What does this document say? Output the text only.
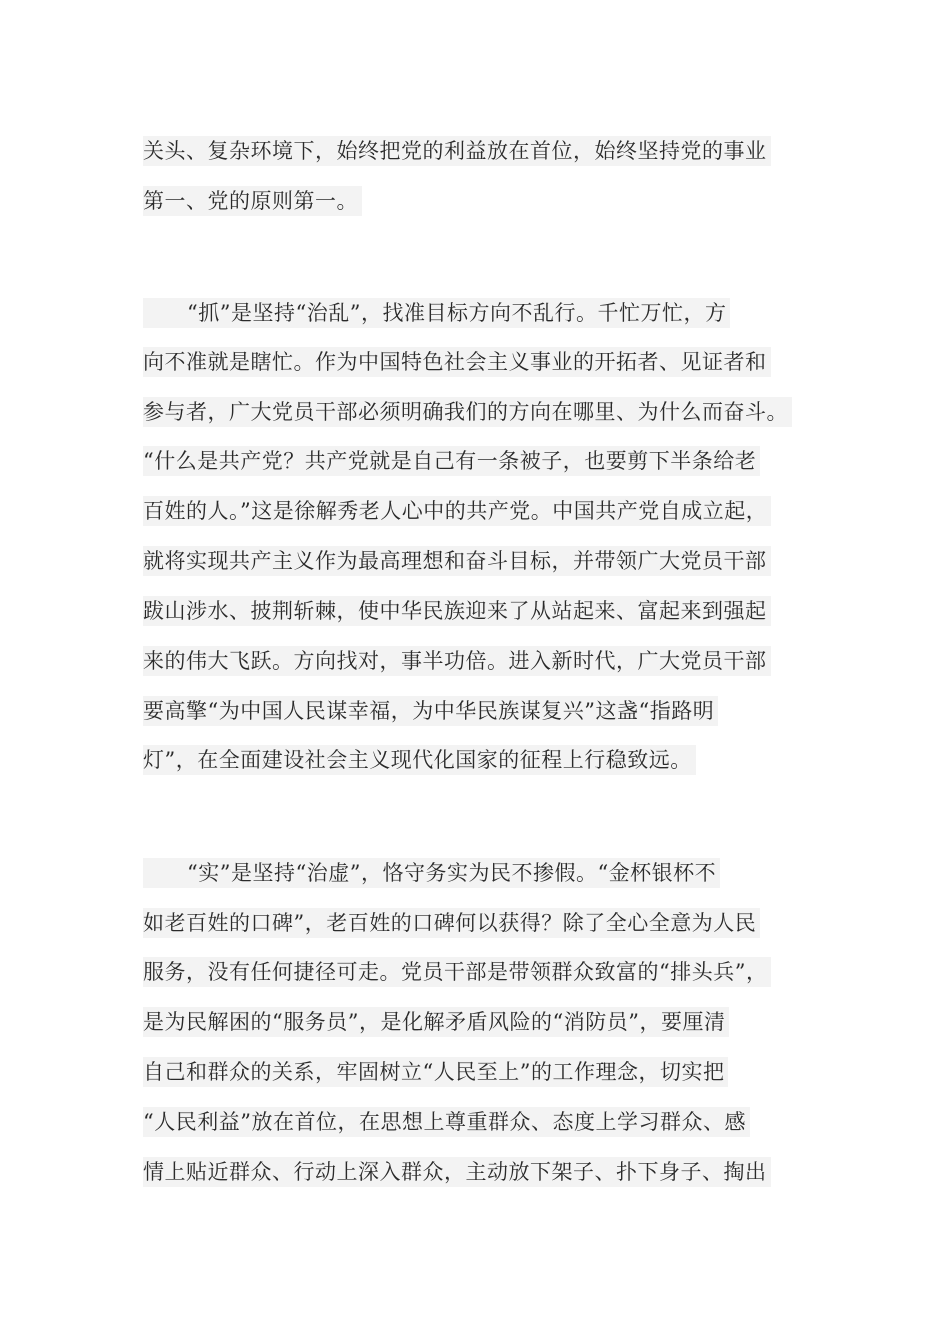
关头、复杂环境下，始终把党的利益放在首位，始终坚持党的事业
第一、党的原则第一。
“抓”是坚持“治乱”，找准目标方向不乱行。千忙万忙，方
向不准就是瞎忙。作为中国特色社会主义事业的开拓者、见证者和
参与者，广大党员干部必须明确我们的方向在哪里、为什么而奋斗。
“什么是共产党？共产党就是自己有一条被子，也要剪下半条给老
百姓的人。”这是徐解秀老人心中的共产党。中国共产党自成立起，
就将实现共产主义作为最高理想和奋斗目标，并带领广大党员干部
跋山涉水、披荆斩棘，使中华民族迎来了从站起来、富起来到强起
来的伟大飞跃。方向找对，事半功倍。进入新时代，广大党员干部
要高擎“为中国人民谋幸福，为中华民族谋复兴”这盏“指路明
灯”，在全面建设社会主义现代化国家的征程上行稳致远。
“实”是坚持“治虚”，恪守务实为民不掺假。“金杯银杯不
如老百姓的口碑”，老百姓的口碑何以获得？除了全心全意为人民
服务，没有任何捷径可走。党员干部是带领群众致富的“排头兵”，
是为民解困的“服务员”，是化解矛盾风险的“消防员”，要厘清
自己和群众的关系，牢固树立“人民至上”的工作理念，切实把
“人民利益”放在首位，在思想上尊重群众、态度上学习群众、感
情上贴近群众、行动上深入群众，主动放下架子、扑下身子、掏出
